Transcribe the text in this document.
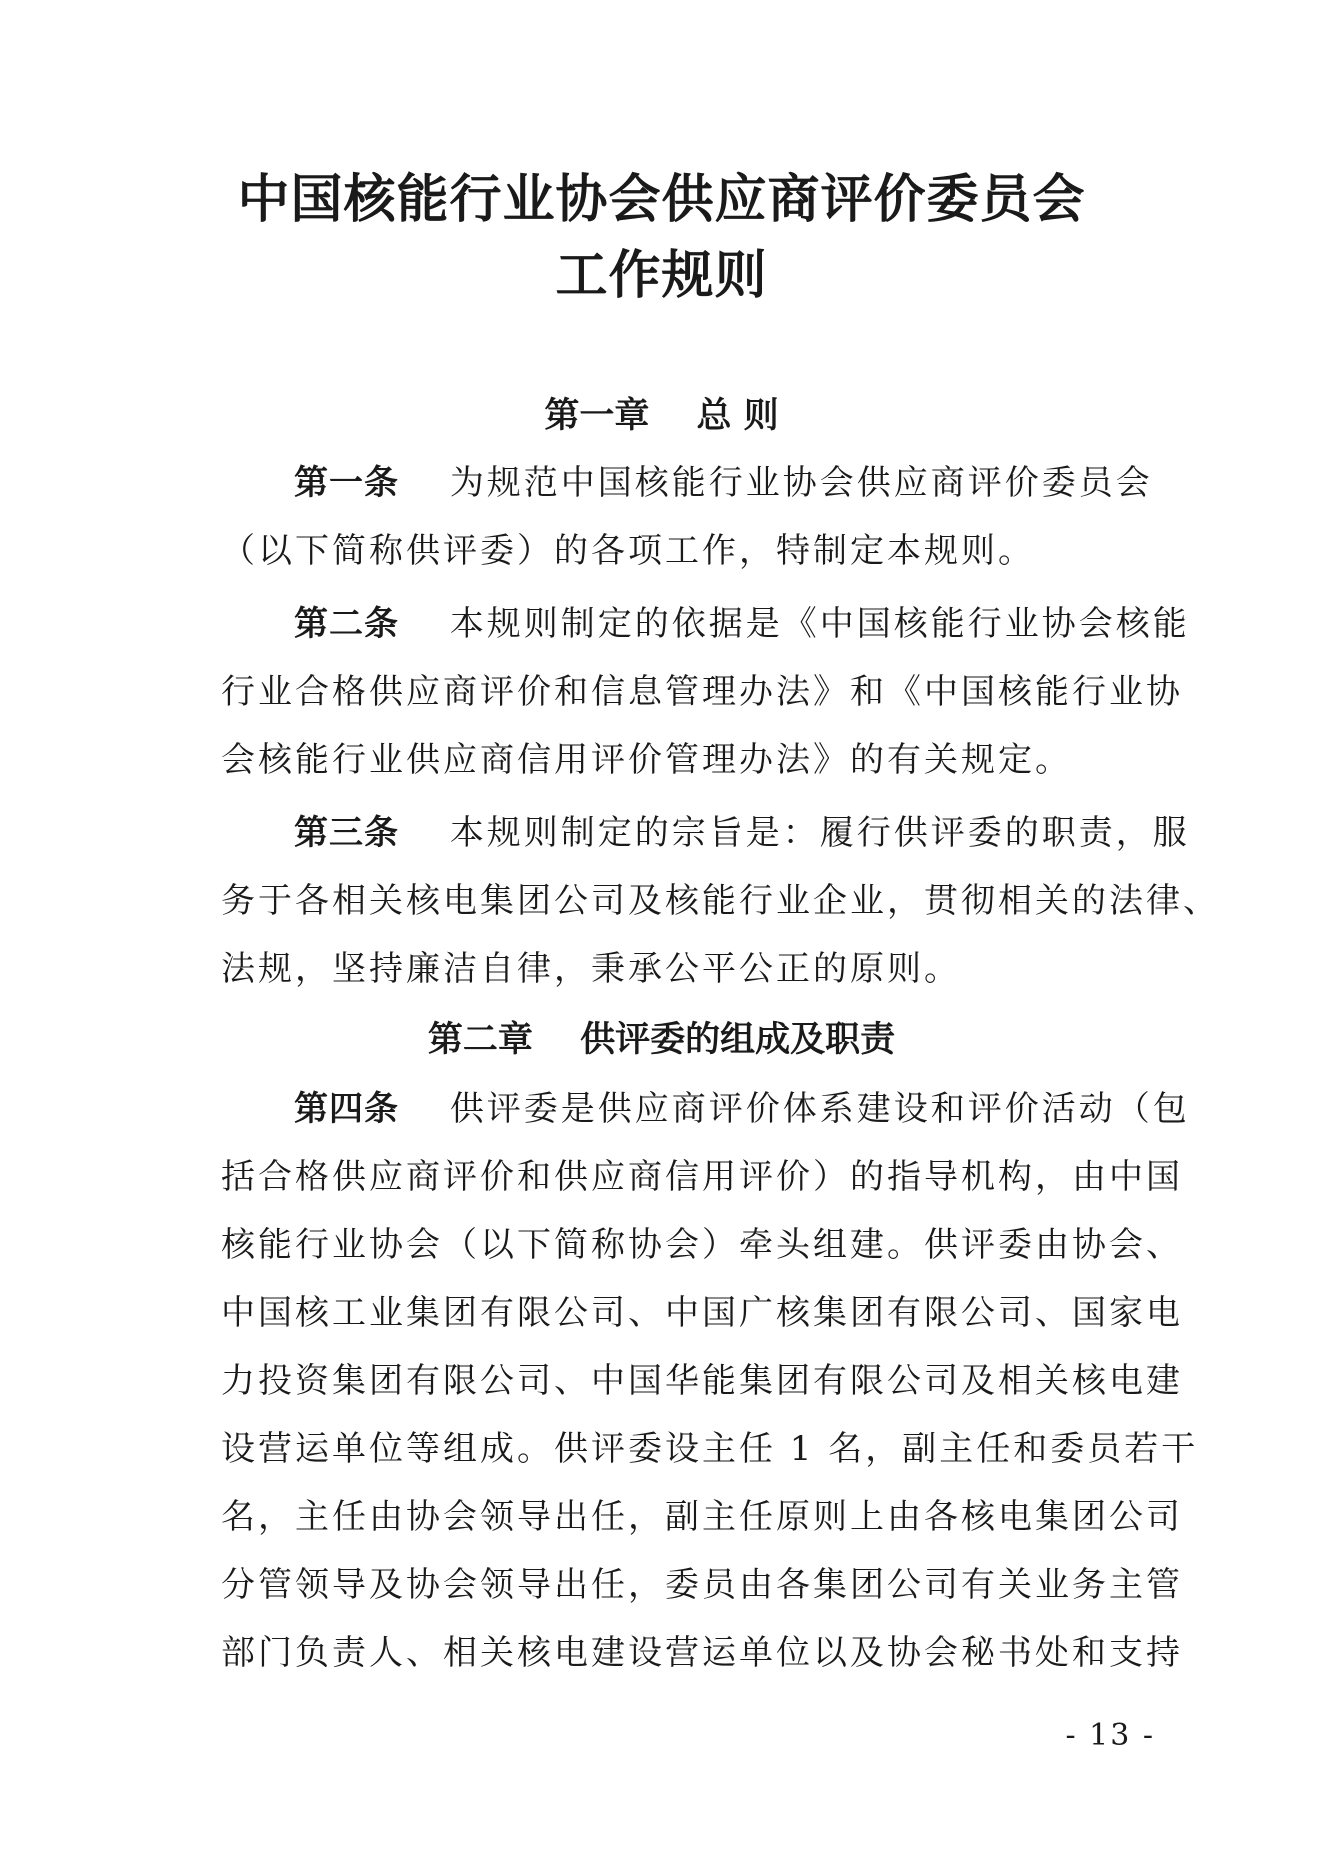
中国核能行业协会供应商评价委员会
工作规则
第一章　 总 则
第一条　 为规范中国核能行业协会供应商评价委员会
（以下简称供评委）的各项工作，特制定本规则。
第二条　 本规则制定的依据是《中国核能行业协会核能
行业合格供应商评价和信息管理办法》和《中国核能行业协
会核能行业供应商信用评价管理办法》的有关规定。
第三条　 本规则制定的宗旨是：履行供评委的职责，服
务于各相关核电集团公司及核能行业企业，贯彻相关的法律、
法规，坚持廉洁自律，秉承公平公正的原则。
第二章　 供评委的组成及职责
第四条　 供评委是供应商评价体系建设和评价活动（包
括合格供应商评价和供应商信用评价）的指导机构，由中国
核能行业协会（以下简称协会）牵头组建。供评委由协会、
中国核工业集团有限公司、中国广核集团有限公司、国家电
力投资集团有限公司、中国华能集团有限公司及相关核电建
设营运单位等组成。供评委设主任 1 名，副主任和委员若干
名，主任由协会领导出任，副主任原则上由各核电集团公司
分管领导及协会领导出任，委员由各集团公司有关业务主管
部门负责人、相关核电建设营运单位以及协会秘书处和支持
- 13 -
